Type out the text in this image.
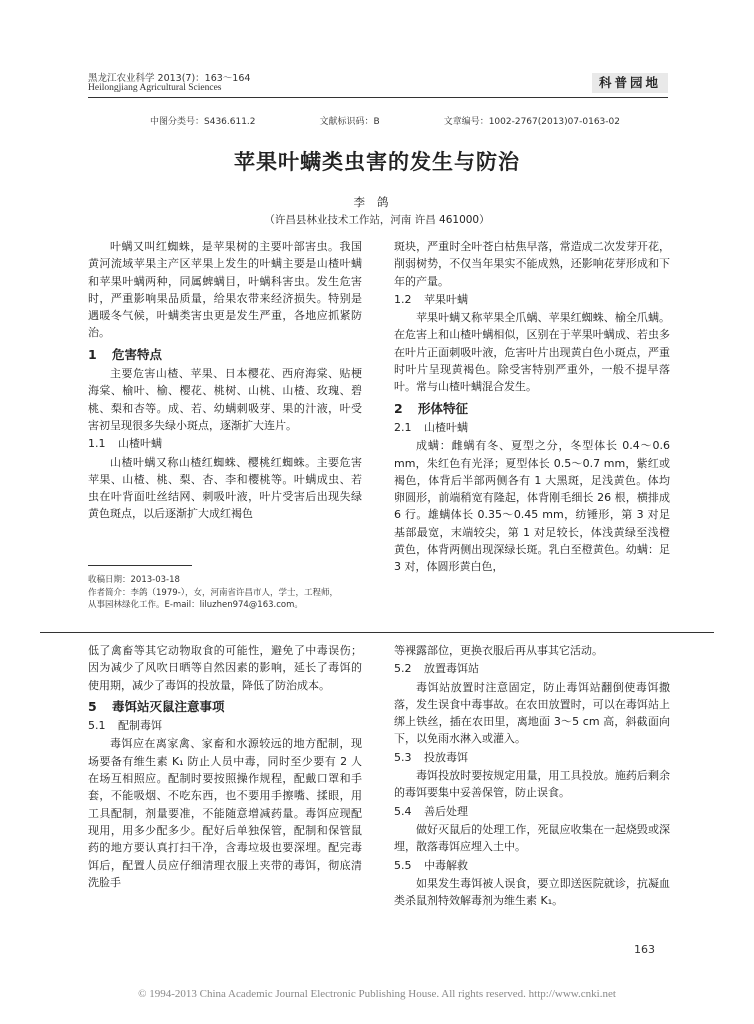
黑龙江农业科学 2013(7)：163～164
Heilongjiang Agricultural Sciences	科普园地
中图分类号：S436.611.2	文献标识码：B	文章编号：1002-2767(2013)07-0163-02
苹果叶螨类虫害的发生与防治
李鸽
（许昌县林业技术工作站，河南 许昌 461000）

叶螨又叫红蜘蛛，是苹果树的主要叶部害虫。我国黄河流域苹果主产区苹果上发生的叶螨主要是山楂叶螨和苹果叶螨两种，同属蜱螨目，叶螨科害虫。发生危害时，严重影响果品质量，给果农带来经济损失。特别是遇暖冬气候，叶螨类害虫更是发生严重，各地应抓紧防治。

1 危害特点

主要危害山楂、苹果、日本樱花、西府海棠、贴梗海棠、榆叶、榆、樱花、桃树、山桃、山楂、玫瑰、碧桃、梨和杏等。成、若、幼螨刺吸芽、果的汁液，叶受害初呈现很多失绿小斑点，逐渐扩大连片。

1.1 山楂叶螨

山楂叶螨又称山楂红蜘蛛、樱桃红蜘蛛。主要危害苹果、山楂、桃、梨、杏、李和樱桃等。叶螨成虫、若虫在叶背面吐丝结网、刺吸叶液，叶片受害后出现失绿黄色斑点，以后逐渐扩大成红褐色

收稿日期：2013-03-18
作者简介：李鸽（1979-），女，河南省许昌市人，学士，工程师，
从事园林绿化工作。E-mail：liluzhen974@163.com。

斑块，严重时全叶苍白枯焦早落，常造成二次发芽开花，削弱树势，不仅当年果实不能成熟，还影响花芽形成和下年的产量。

1.2 苹果叶螨

苹果叶螨又称苹果全爪螨、苹果红蜘蛛、榆全爪螨。在危害上和山楂叶螨相似，区别在于苹果叶螨成、若虫多在叶片正面刺吸叶液，危害叶片出现黄白色小斑点，严重时叶片呈现黄褐色。除受害特别严重外，一般不提早落叶。常与山楂叶螨混合发生。

2 形体特征
2.1 山楂叶螨

成螨：雌螨有冬、夏型之分，冬型体长 0.4～0.6 mm，朱红色有光泽；夏型体长 0.5～0.7 mm，紫红或褐色，体背后半部两侧各有 1 大黑斑，足浅黄色。体均卵圆形，前端稍宽有隆起，体背刚毛细长 26 根，横排成 6 行。雄螨体长 0.35～0.45 mm，纺锤形，第 3 对足基部最宽，末端较尖，第 1 对足较长，体浅黄绿至浅橙黄色，体背两侧出现深绿长斑。乳白至橙黄色。幼螨：足 3 对，体圆形黄白色，

低了禽畜等其它动物取食的可能性，避免了中毒误伤；因为减少了风吹日晒等自然因素的影响，延长了毒饵的使用期，减少了毒饵的投放量，降低了防治成本。

5 毒饵站灭鼠注意事项
5.1 配制毒饵

毒饵应在离家禽、家畜和水源较远的地方配制，现场要备有维生素 K₁ 防止人员中毒，同时至少要有 2 人在场互相照应。配制时要按照操作规程，配戴口罩和手套，不能吸烟、不吃东西，也不要用手擦嘴、揉眼，用工具配制，剂量要准，不能随意增减药量。毒饵应现配现用，用多少配多少。配好后单独保管，配制和保管鼠药的地方要认真打扫干净，含毒垃圾也要深埋。配完毒饵后，配置人员应仔细清理衣服上夹带的毒饵，彻底清洗脸手

等裸露部位，更换衣服后再从事其它活动。

5.2 放置毒饵站

毒饵站放置时注意固定，防止毒饵站翻倒使毒饵撒落，发生误食中毒事故。在农田放置时，可以在毒饵站上绑上铁丝，插在农田里，离地面 3～5 cm 高，斜截面向下，以免雨水淋入或灌入。

5.3 投放毒饵

毒饵投放时要按规定用量，用工具投放。施药后剩余的毒饵要集中妥善保管，防止误食。

5.4 善后处理

做好灭鼠后的处理工作，死鼠应收集在一起烧毁或深埋，散落毒饵应埋入土中。

5.5 中毒解救

如果发生毒饵被人误食，要立即送医院就诊，抗凝血类杀鼠剂特效解毒剂为维生素 K₁。

163
© 1994-2013 China Academic Journal Electronic Publishing House. All rights reserved. http://www.cnki.net
